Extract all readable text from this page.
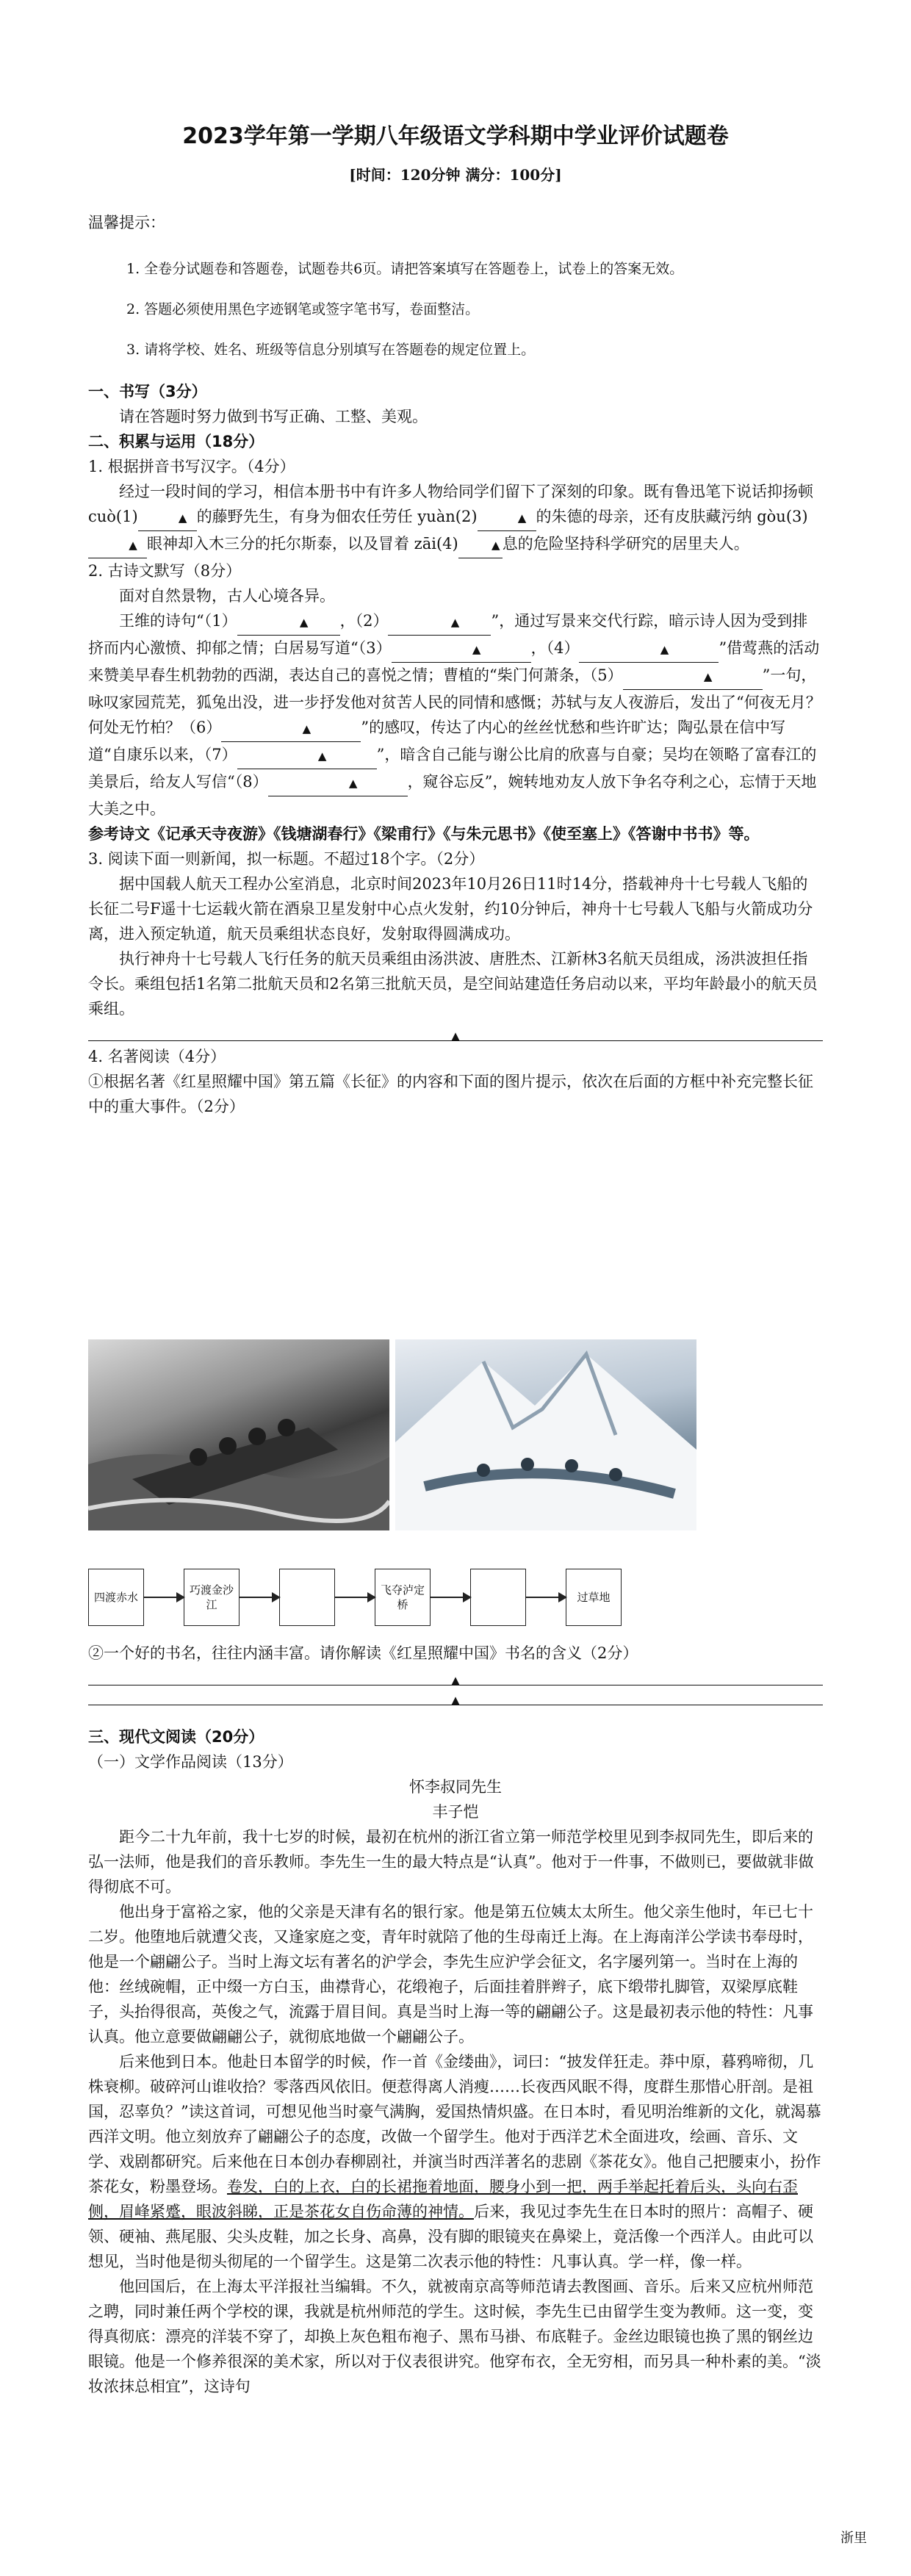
2023学年第一学期八年级语文学科期中学业评价试题卷
[时间：120分钟 满分：100分]
温馨提示：
1. 全卷分试题卷和答题卷，试题卷共6页。请把答案填写在答题卷上，试卷上的答案无效。
2. 答题必须使用黑色字迹钢笔或签字笔书写，卷面整洁。
3. 请将学校、姓名、班级等信息分别填写在答题卷的规定位置上。
一、书写（3分）

请在答题时努力做到书写正确、工整、美观。

二、积累与运用（18分）

1. 根据拼音书写汉字。（4分）

经过一段时间的学习，相信本册书中有许多人物给同学们留下了深刻的印象。既有鲁迅笔下说话抑扬顿 cuò(1)	▲ 的藤野先生，有身为佃农任劳任 yuàn(2)	▲ 的朱德的母亲，还有皮肤藏污纳 gòu(3)▲ 眼神却入木三分的托尔斯泰，以及冒着 zāi(4)	▲ 息的危险坚持科学研究的居里夫人。

2. 古诗文默写（8分）

面对自然景物，古人心境各异。

王维的诗句“（1）	▲ ，（2）	▲ ”，通过写景来交代行踪，暗示诗人因为受到排挤而内心激愤、抑郁之情；白居易写道“（3）	▲	，（4）	▲	”借莺燕的活动来赞美早春生机勃勃的西湖，表达自己的喜悦之情；曹植的“柴门何萧条，（5）	▲	”一句，咏叹家园荒芜，狐兔出没，进一步抒发他对贫苦人民的同情和感慨；苏轼与友人夜游后，发出了“何夜无月？何处无竹柏？（6）	▲	”的感叹，传达了内心的丝丝忧愁和些许旷达；陶弘景在信中写道“自康乐以来，（7）	▲	”，暗含自己能与谢公比肩的欣喜与自豪；吴均在领略了富春江的美景后，给友人写信“（8）	▲	，窥谷忘反”，婉转地劝友人放下争名夺利之心，忘情于天地大美之中。

参考诗文《记承天寺夜游》《钱塘湖春行》《梁甫行》《与朱元思书》《使至塞上》《答谢中书书》等。

3. 阅读下面一则新闻，拟一标题。不超过18个字。（2分）

据中国载人航天工程办公室消息，北京时间2023年10月26日11时14分，搭载神舟十七号载人飞船的长征二号F遥十七运载火箭在酒泉卫星发射中心点火发射，约10分钟后，神舟十七号载人飞船与火箭成功分离，进入预定轨道，航天员乘组状态良好，发射取得圆满成功。

执行神舟十七号载人飞行任务的航天员乘组由汤洪波、唐胜杰、江新林3名航天员组成，汤洪波担任指令长。乘组包括1名第二批航天员和2名第三批航天员，是空间站建造任务启动以来，平均年龄最小的航天员乘组。

▲

4. 名著阅读（4分）

①根据名著《红星照耀中国》第五篇《长征》的内容和下面的图片提示，依次在后面的方框中补充完整长征中的重大事件。（2分）

四渡赤水
巧渡金沙江
飞夺泸定桥
过草地

②一个好的书名，往往内涵丰富。请你解读《红星照耀中国》书名的含义（2分）

▲
▲
三、现代文阅读（20分）

（一）文学作品阅读（13分）

怀李叔同先生

丰子恺

距今二十九年前，我十七岁的时候，最初在杭州的浙江省立第一师范学校里见到李叔同先生，即后来的弘一法师，他是我们的音乐教师。李先生一生的最大特点是“认真”。他对于一件事，不做则已，要做就非做得彻底不可。

他出身于富裕之家，他的父亲是天津有名的银行家。他是第五位姨太太所生。他父亲生他时，年已七十二岁。他堕地后就遭父丧，又逢家庭之变，青年时就陪了他的生母南迁上海。在上海南洋公学读书奉母时，他是一个翩翩公子。当时上海文坛有著名的沪学会，李先生应沪学会征文，名字屡列第一。当时在上海的他：丝绒碗帽，正中缀一方白玉，曲襟背心，花缎袍子，后面挂着胖辫子，底下缎带扎脚管，双梁厚底鞋子，头抬得很高，英俊之气，流露于眉目间。真是当时上海一等的翩翩公子。这是最初表示他的特性：凡事认真。他立意要做翩翩公子，就彻底地做一个翩翩公子。

后来他到日本。他赴日本留学的时候，作一首《金缕曲》，词曰：“披发佯狂走。莽中原，暮鸦啼彻，几株衰柳。破碎河山谁收拾？零落西风依旧。便惹得离人消瘦……长夜西风眠不得，度群生那惜心肝剖。是祖国，忍辜负？”读这首词，可想见他当时豪气满胸，爱国热情炽盛。在日本时，看见明治维新的文化，就渴慕西洋文明。他立刻放弃了翩翩公子的态度，改做一个留学生。他对于西洋艺术全面进攻，绘画、音乐、文学、戏剧都研究。后来他在日本创办春柳剧社，并演当时西洋著名的悲剧《茶花女》。他自己把腰束小，扮作茶花女，粉墨登场。卷发，白的上衣，白的长裙拖着地面，腰身小到一把，两手举起托着后头，头向右歪侧，眉峰紧蹙，眼波斜睇，正是茶花女自伤命薄的神情。后来，我见过李先生在日本时的照片：高帽子、硬领、硬袖、燕尾服、尖头皮鞋，加之长身、高鼻，没有脚的眼镜夹在鼻梁上，竟活像一个西洋人。由此可以想见，当时他是彻头彻尾的一个留学生。这是第二次表示他的特性：凡事认真。学一样，像一样。

他回国后，在上海太平洋报社当编辑。不久，就被南京高等师范请去教图画、音乐。后来又应杭州师范之聘，同时兼任两个学校的课，我就是杭州师范的学生。这时候，李先生已由留学生变为教师。这一变，变得真彻底：漂亮的洋装不穿了，却换上灰色粗布袍子、黑布马褂、布底鞋子。金丝边眼镜也换了黑的钢丝边眼镜。他是一个修养很深的美术家，所以对于仪表很讲究。他穿布衣，全无穷相，而另具一种朴素的美。“淡妆浓抹总相宜”，这诗句

浙里
